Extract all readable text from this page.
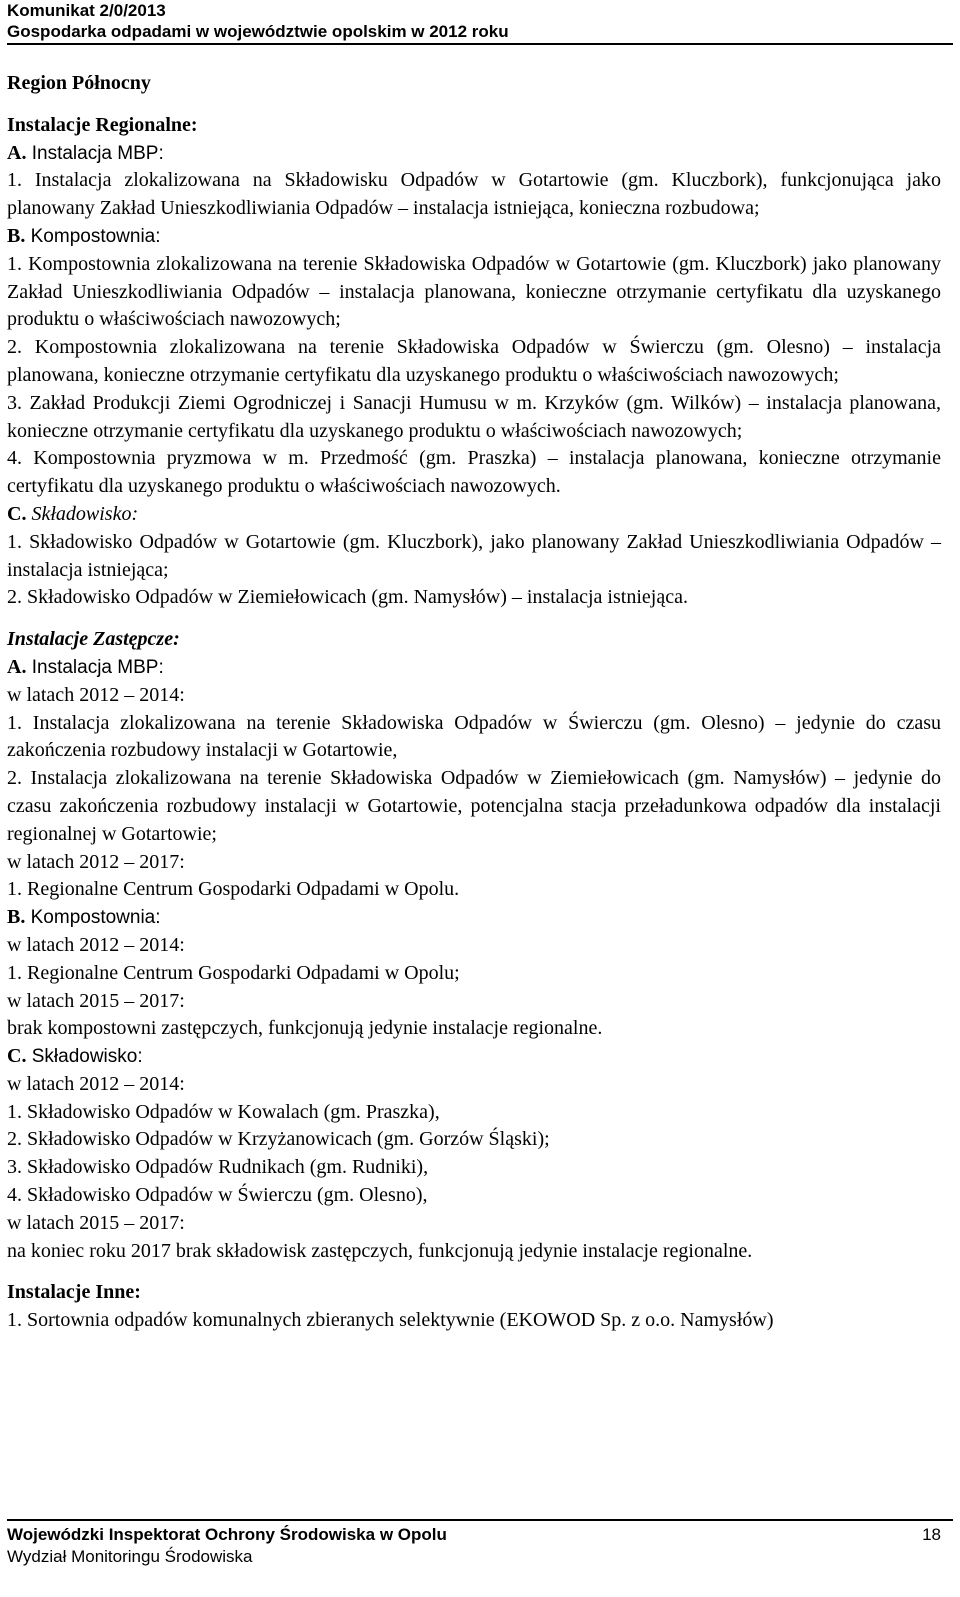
Komunikat 2/0/2013
Gospodarka odpadami w województwie opolskim w 2012 roku

Region Północny

Instalacje Regionalne:

A. Instalacja MBP:

1. Instalacja zlokalizowana na Składowisku Odpadów w Gotartowie (gm. Kluczbork), funkcjonująca jako planowany Zakład Unieszkodliwiania Odpadów – instalacja istniejąca, konieczna rozbudowa;

B. Kompostownia:

1. Kompostownia zlokalizowana na terenie Składowiska Odpadów w Gotartowie (gm. Kluczbork) jako planowany Zakład Unieszkodliwiania Odpadów – instalacja planowana, konieczne otrzymanie certyfikatu dla uzyskanego produktu o właściwościach nawozowych;

2. Kompostownia zlokalizowana na terenie Składowiska Odpadów w Świerczu (gm. Olesno) – instalacja planowana, konieczne otrzymanie certyfikatu dla uzyskanego produktu o właściwościach nawozowych;

3. Zakład Produkcji Ziemi Ogrodniczej i Sanacji Humusu w m. Krzyków (gm. Wilków) – instalacja planowana, konieczne otrzymanie certyfikatu dla uzyskanego produktu o właściwościach nawozowych;

4. Kompostownia pryzmowa w m. Przedmość (gm. Praszka) – instalacja planowana, konieczne otrzymanie certyfikatu dla uzyskanego produktu o właściwościach nawozowych.

C. Składowisko:

1. Składowisko Odpadów w Gotartowie (gm. Kluczbork), jako planowany Zakład Unieszkodliwiania Odpadów – instalacja istniejąca;

2. Składowisko Odpadów w Ziemiełowicach (gm. Namysłów) – instalacja istniejąca.

Instalacje Zastępcze:

A. Instalacja MBP:

w latach 2012 – 2014:

1. Instalacja zlokalizowana na terenie Składowiska Odpadów w Świerczu (gm. Olesno) – jedynie do czasu zakończenia rozbudowy instalacji w Gotartowie,

2. Instalacja zlokalizowana na terenie Składowiska Odpadów w Ziemiełowicach (gm. Namysłów) – jedynie do czasu zakończenia rozbudowy instalacji w Gotartowie, potencjalna stacja przeładunkowa odpadów dla instalacji regionalnej w Gotartowie;

w latach 2012 – 2017:

1. Regionalne Centrum Gospodarki Odpadami w Opolu.

B. Kompostownia:

w latach 2012 – 2014:

1. Regionalne Centrum Gospodarki Odpadami w Opolu;

w latach 2015 – 2017:

brak kompostowni zastępczych, funkcjonują jedynie instalacje regionalne.

C. Składowisko:

w latach 2012 – 2014:

1. Składowisko Odpadów w Kowalach (gm. Praszka),

2. Składowisko Odpadów w Krzyżanowicach (gm. Gorzów Śląski);

3. Składowisko Odpadów Rudnikach (gm. Rudniki),

4. Składowisko Odpadów w Świerczu (gm. Olesno),

w latach 2015 – 2017:

na koniec roku 2017 brak składowisk zastępczych, funkcjonują jedynie instalacje regionalne.

Instalacje Inne:

1. Sortownia odpadów komunalnych zbieranych selektywnie (EKOWOD Sp. z o.o. Namysłów)

Wojewódzki Inspektorat Ochrony Środowiska w Opolu
Wydział Monitoringu Środowiska
18
